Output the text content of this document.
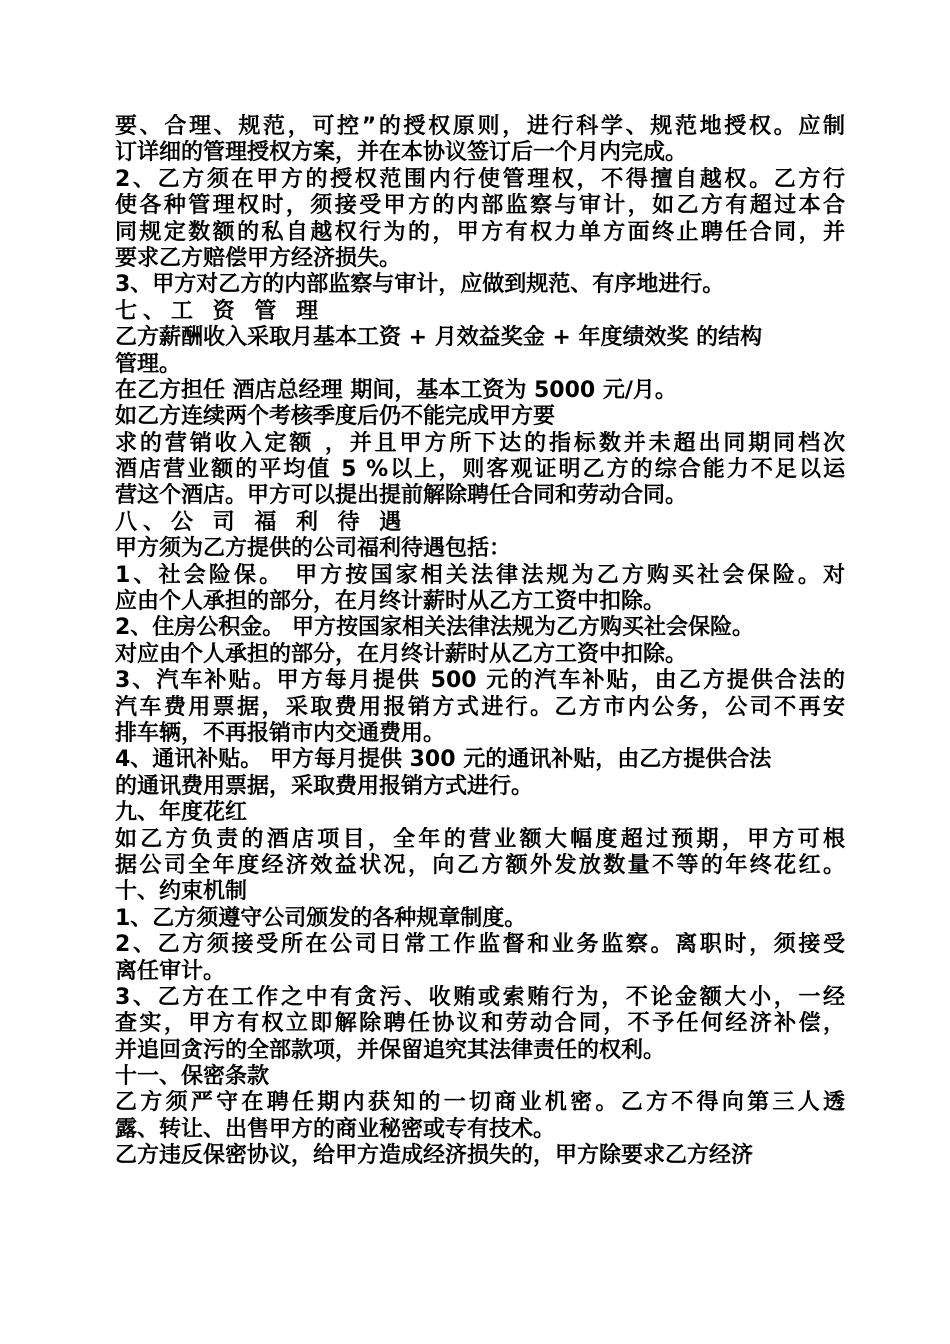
要、合理、规范，可控”的授权原则，进行科学、规范地授权。应制
订详细的管理授权方案，并在本协议签订后一个月内完成。
2、乙方须在甲方的授权范围内行使管理权，不得擅自越权。乙方行
使各种管理权时，须接受甲方的内部监察与审计，如乙方有超过本合
同规定数额的私自越权行为的，甲方有权力单方面终止聘任合同，并
要求乙方赔偿甲方经济损失。
3、甲方对乙方的内部监察与审计，应做到规范、有序地进行。
七、工 资 管 理
乙方薪酬收入采取月基本工资 + 月效益奖金 + 年度绩效奖 的结构
管理。
在乙方担任 酒店总经理 期间，基本工资为 5000 元/月。
如乙方连续两个考核季度后仍不能完成甲方要
求的营销收入定额 ，并且甲方所下达的指标数并未超出同期同档次
酒店营业额的平均值 5 %以上，则客观证明乙方的综合能力不足以运
营这个酒店。甲方可以提出提前解除聘任合同和劳动合同。
八、公 司 福 利 待 遇
甲方须为乙方提供的公司福利待遇包括：
1、社会险保。 甲方按国家相关法律法规为乙方购买社会保险。对
应由个人承担的部分，在月终计薪时从乙方工资中扣除。
2、住房公积金。 甲方按国家相关法律法规为乙方购买社会保险。
对应由个人承担的部分，在月终计薪时从乙方工资中扣除。
3、汽车补贴。甲方每月提供 500 元的汽车补贴，由乙方提供合法的
汽车费用票据，采取费用报销方式进行。乙方市内公务，公司不再安
排车辆，不再报销市内交通费用。
4、通讯补贴。 甲方每月提供 300 元的通讯补贴，由乙方提供合法
的通讯费用票据，采取费用报销方式进行。
九、年度花红
如乙方负责的酒店项目，全年的营业额大幅度超过预期，甲方可根
据公司全年度经济效益状况，向乙方额外发放数量不等的年终花红。
十、约束机制
1、乙方须遵守公司颁发的各种规章制度。
2、乙方须接受所在公司日常工作监督和业务监察。离职时，须接受
离任审计。
3、乙方在工作之中有贪污、收贿或索贿行为，不论金额大小，一经
查实，甲方有权立即解除聘任协议和劳动合同，不予任何经济补偿，
并追回贪污的全部款项，并保留追究其法律责任的权利。
十一、保密条款
乙方须严守在聘任期内获知的一切商业机密。乙方不得向第三人透
露、转让、出售甲方的商业秘密或专有技术。
乙方违反保密协议，给甲方造成经济损失的，甲方除要求乙方经济
